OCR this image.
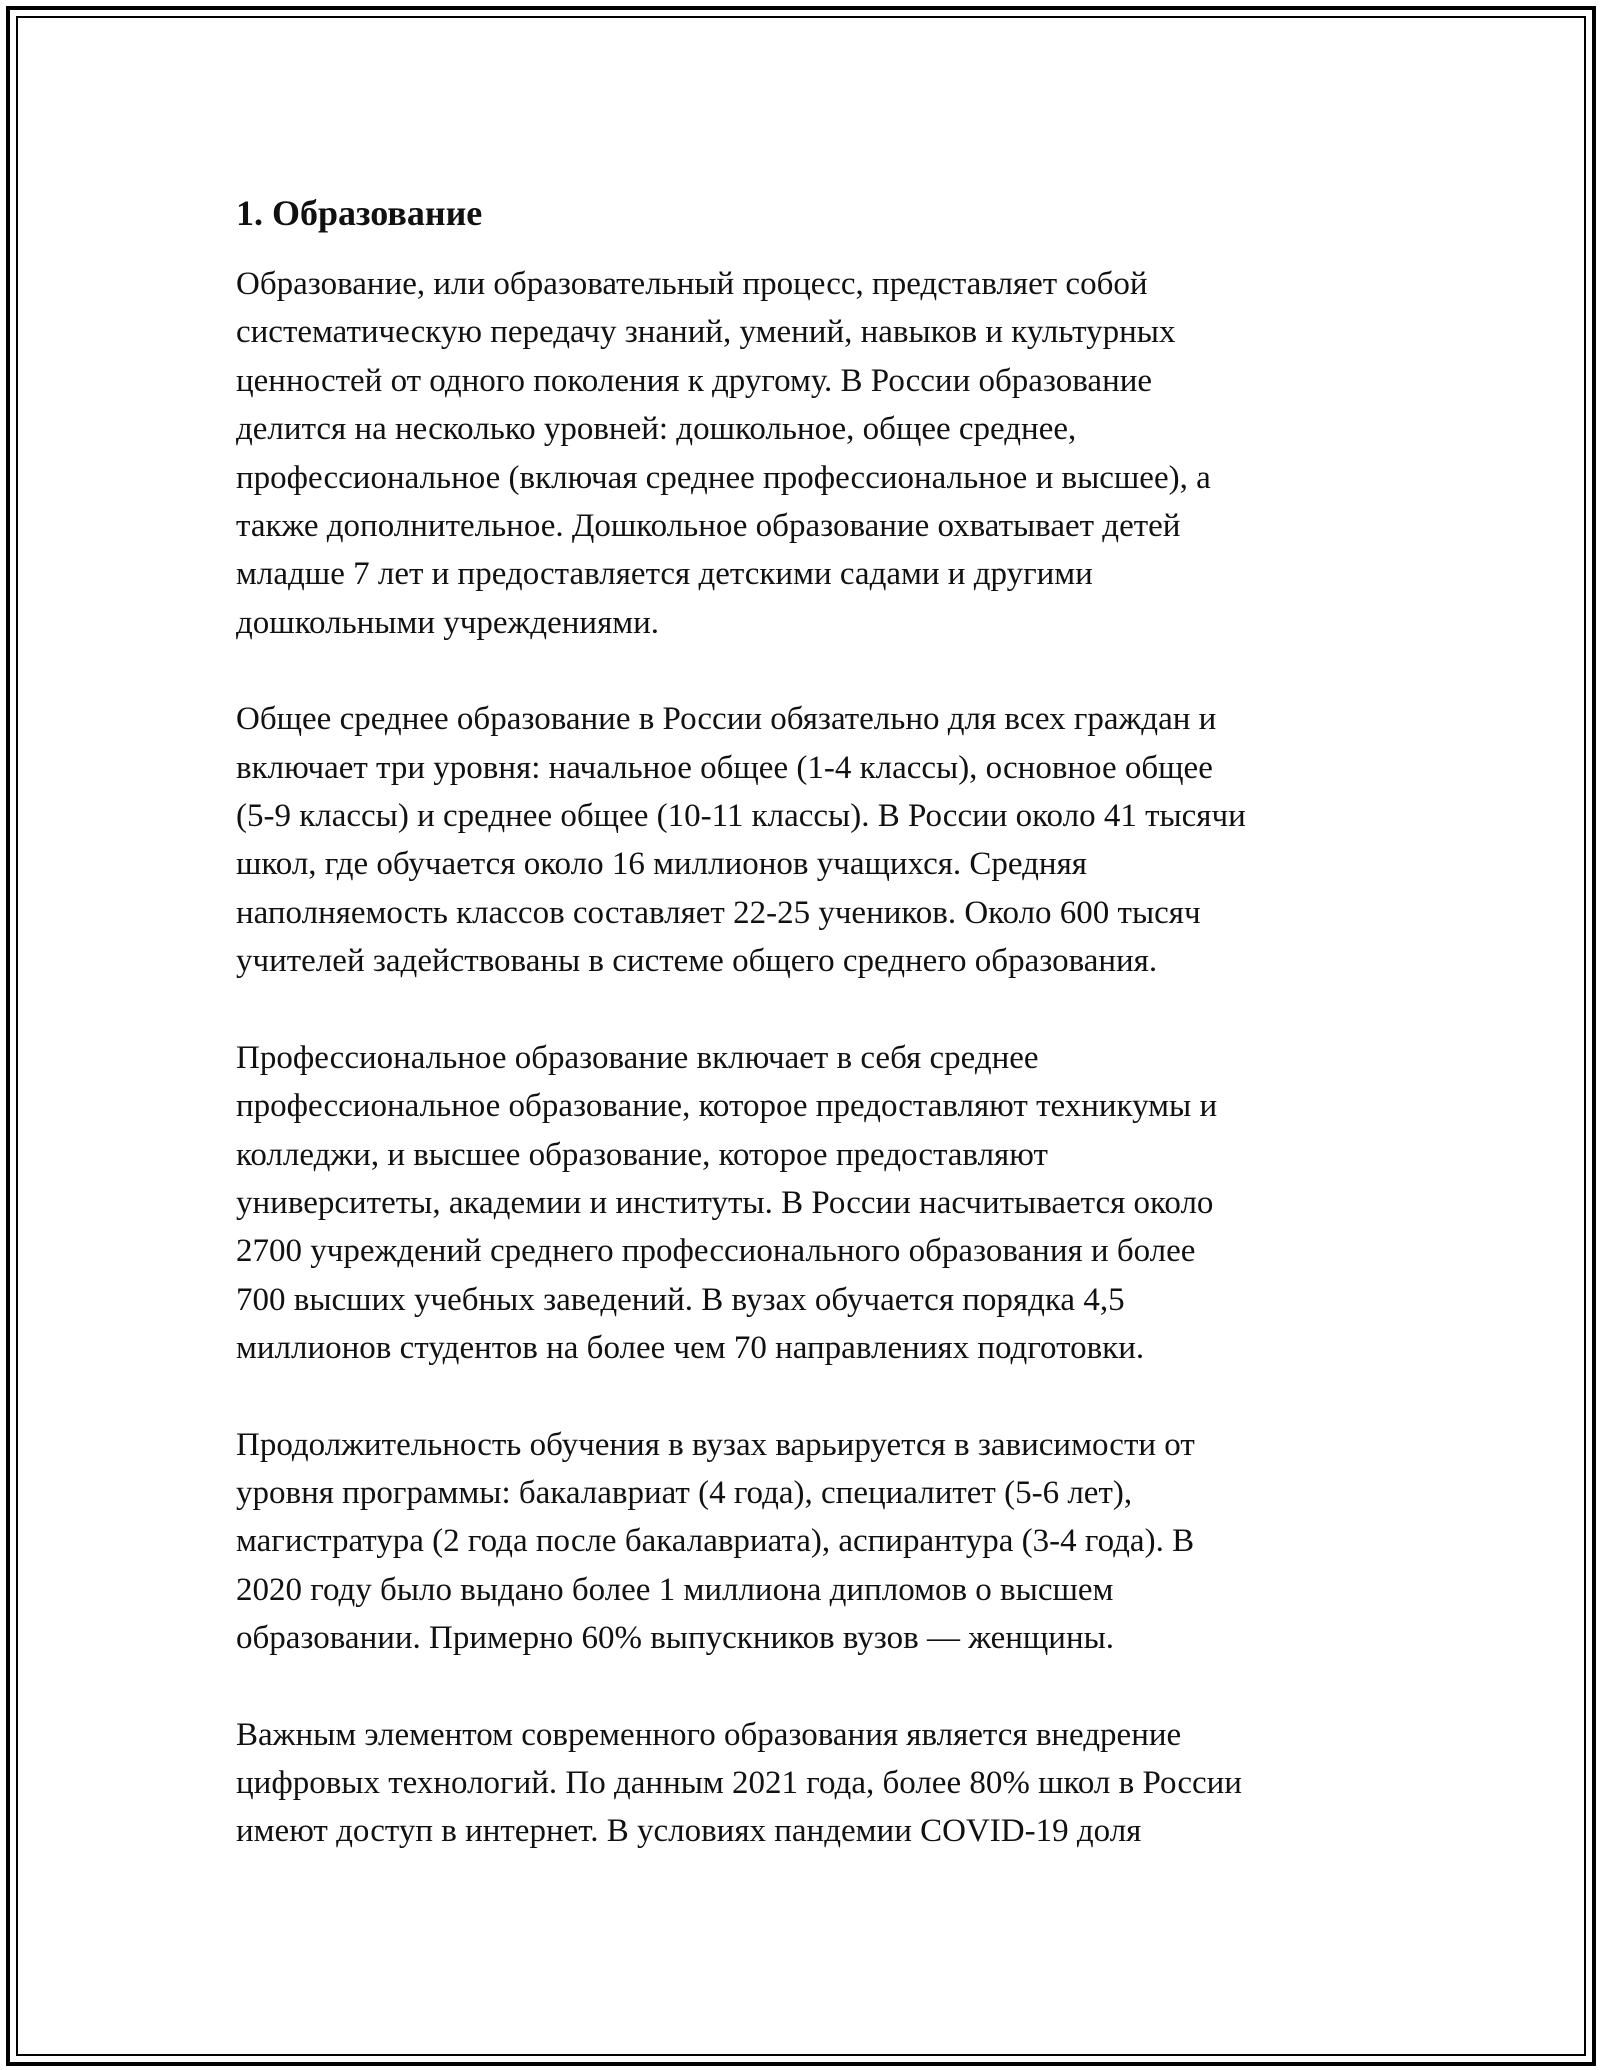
1. Образование

Образование, или образовательный процесс, представляет собой
систематическую передачу знаний, умений, навыков и культурных
ценностей от одного поколения к другому. В России образование
делится на несколько уровней: дошкольное, общее среднее,
профессиональное (включая среднее профессиональное и высшее), а
также дополнительное. Дошкольное образование охватывает детей
младше 7 лет и предоставляется детскими садами и другими
дошкольными учреждениями.

Общее среднее образование в России обязательно для всех граждан и
включает три уровня: начальное общее (1-4 классы), основное общее
(5-9 классы) и среднее общее (10-11 классы). В России около 41 тысячи
школ, где обучается около 16 миллионов учащихся. Средняя
наполняемость классов составляет 22-25 учеников. Около 600 тысяч
учителей задействованы в системе общего среднего образования.

Профессиональное образование включает в себя среднее
профессиональное образование, которое предоставляют техникумы и
колледжи, и высшее образование, которое предоставляют
университеты, академии и институты. В России насчитывается около
2700 учреждений среднего профессионального образования и более
700 высших учебных заведений. В вузах обучается порядка 4,5
миллионов студентов на более чем 70 направлениях подготовки.

Продолжительность обучения в вузах варьируется в зависимости от
уровня программы: бакалавриат (4 года), специалитет (5-6 лет),
магистратура (2 года после бакалавриата), аспирантура (3-4 года). В
2020 году было выдано более 1 миллиона дипломов о высшем
образовании. Примерно 60% выпускников вузов — женщины.

Важным элементом современного образования является внедрение
цифровых технологий. По данным 2021 года, более 80% школ в России
имеют доступ в интернет. В условиях пандемии COVID-19 доля
